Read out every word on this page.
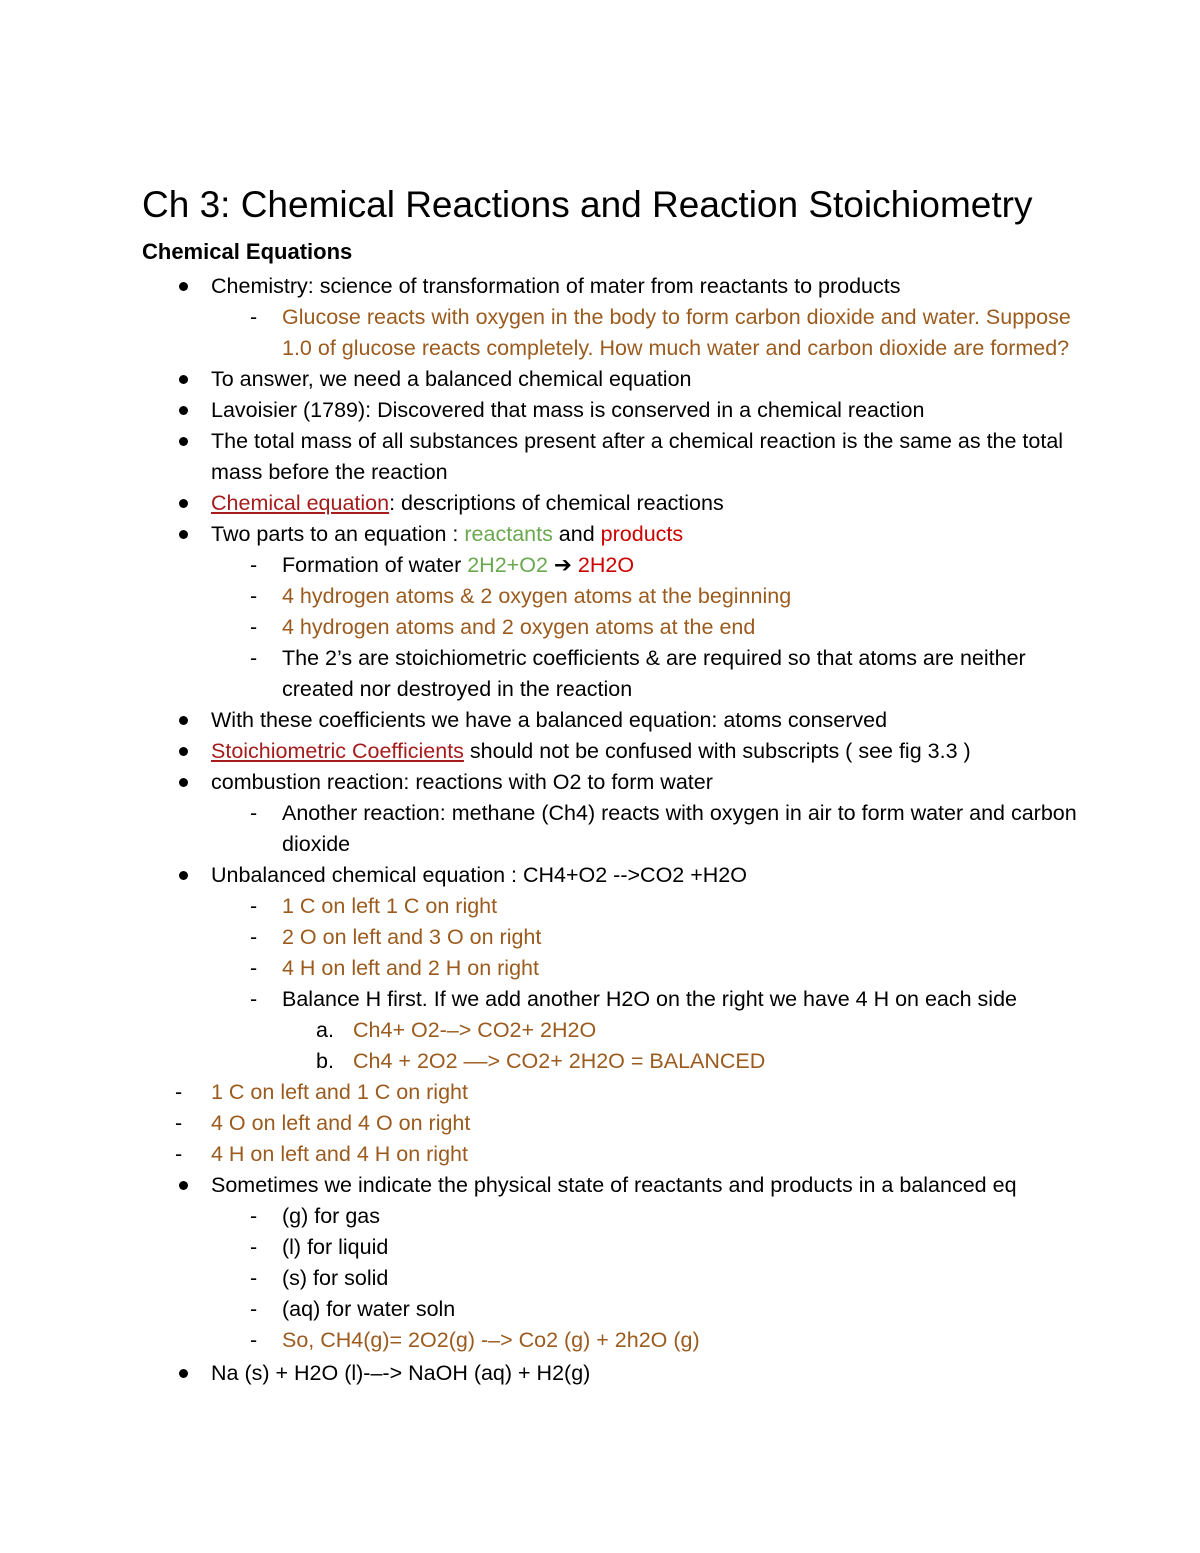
Ch 3: Chemical Reactions and Reaction Stoichiometry
Chemical Equations
Chemistry: science of transformation of mater from reactants to products
- Glucose reacts with oxygen in the body to form carbon dioxide and water. Suppose
1.0 of glucose reacts completely. How much water and carbon dioxide are formed?
To answer, we need a balanced chemical equation
Lavoisier (1789): Discovered that mass is conserved in a chemical reaction
The total mass of all substances present after a chemical reaction is the same as the total
mass before the reaction
Chemical equation: descriptions of chemical reactions
Two parts to an equation : reactants and products
- Formation of water 2H2+O2 ➔ 2H2O
- 4 hydrogen atoms & 2 oxygen atoms at the beginning
- 4 hydrogen atoms and 2 oxygen atoms at the end
- The 2’s are stoichiometric coefficients & are required so that atoms are neither
created nor destroyed in the reaction
With these coefficients we have a balanced equation: atoms conserved
Stoichiometric Coefficients should not be confused with subscripts ( see fig 3.3 )
combustion reaction: reactions with O2 to form water
- Another reaction: methane (Ch4) reacts with oxygen in air to form water and carbon
dioxide
Unbalanced chemical equation : CH4+O2 -->CO2 +H2O
- 1 C on left 1 C on right
- 2 O on left and 3 O on right
- 4 H on left and 2 H on right
- Balance H first. If we add another H2O on the right we have 4 H on each side
a. Ch4+ O2-–> CO2+ 2H2O
b. Ch4 + 2O2 ––> CO2+ 2H2O = BALANCED
- 1 C on left and 1 C on right
- 4 O on left and 4 O on right
- 4 H on left and 4 H on right
Sometimes we indicate the physical state of reactants and products in a balanced eq
- (g) for gas
- (l) for liquid
- (s) for solid
- (aq) for water soln
- So, CH4(g)= 2O2(g) -–> Co2 (g) + 2h2O (g)
Na (s) + H2O (l)-–-> NaOH (aq) + H2(g)
